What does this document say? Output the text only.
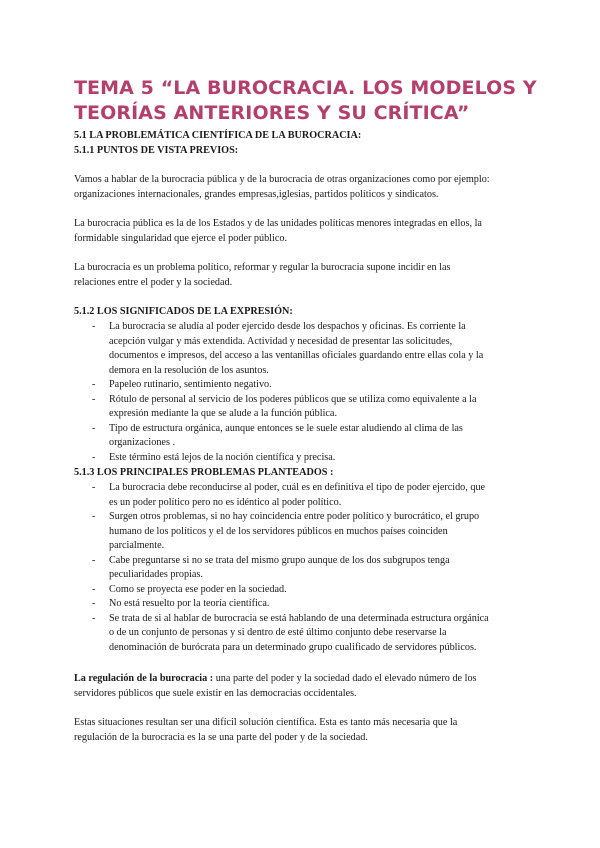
TEMA 5 “LA BUROCRACIA. LOS MODELOS Y
TEORÍAS ANTERIORES Y SU CRÍTICA”
5.1 LA PROBLEMÁTICA CIENTÍFICA DE LA BUROCRACIA:
5.1.1 PUNTOS DE VISTA PREVIOS:
Vamos a hablar de la burocracia pública y de la burocracia de otras organizaciones como por ejemplo:
organizaciones internacionales, grandes empresas,iglesias, partidos políticos y sindicatos.
La burocracia pública es la de los Estados y de las unidades políticas menores integradas en ellos, la
formidable singularidad que ejerce el poder público.
La burocracia es un problema político, reformar y regular la burocracia supone incidir en las
relaciones entre el poder y la sociedad.
5.1.2 LOS SIGNIFICADOS DE LA EXPRESIÓN:
- La burocracia se aludía al poder ejercido desde los despachos y oficinas. Es corriente la
acepción vulgar y más extendida. Actividad y necesidad de presentar las solicitudes,
documentos e impresos, del acceso a las ventanillas oficiales guardando entre ellas cola y la
demora en la resolución de los asuntos.
- Papeleo rutinario, sentimiento negativo.
- Rótulo de personal al servicio de los poderes públicos que se utiliza como equivalente a la
expresión mediante la que se alude a la función pública.
- Tipo de estructura orgánica, aunque entonces se le suele estar aludiendo al clima de las
organizaciones .
- Este término está lejos de la noción científica y precisa.
5.1.3 LOS PRINCIPALES PROBLEMAS PLANTEADOS :
- La burocracia debe reconducirse al poder, cuál es en definitiva el tipo de poder ejercido, que
es un poder político pero no es idéntico al poder político.
- Surgen otros problemas, si no hay coincidencia entre poder político y burocrático, el grupo
humano de los políticos y el de los servidores públicos en muchos países coinciden
parcialmente.
- Cabe preguntarse si no se trata del mismo grupo aunque de los dos subgrupos tenga
peculiaridades propias.
- Como se proyecta ese poder en la sociedad.
- No está resuelto por la teoría científica.
- Se trata de si al hablar de burocracia se está hablando de una determinada estructura orgánica
o de un conjunto de personas y si dentro de esté último conjunto debe reservarse la
denominación de burócrata para un determinado grupo cualificado de servidores públicos.
La regulación de la burocracia : una parte del poder y la sociedad dado el elevado número de los
servidores públicos que suele existir en las democracias occidentales.
Estas situaciones resultan ser una difícil solución científica. Esta es tanto más necesaria que la
regulación de la burocracia es la se una parte del poder y de la sociedad.
